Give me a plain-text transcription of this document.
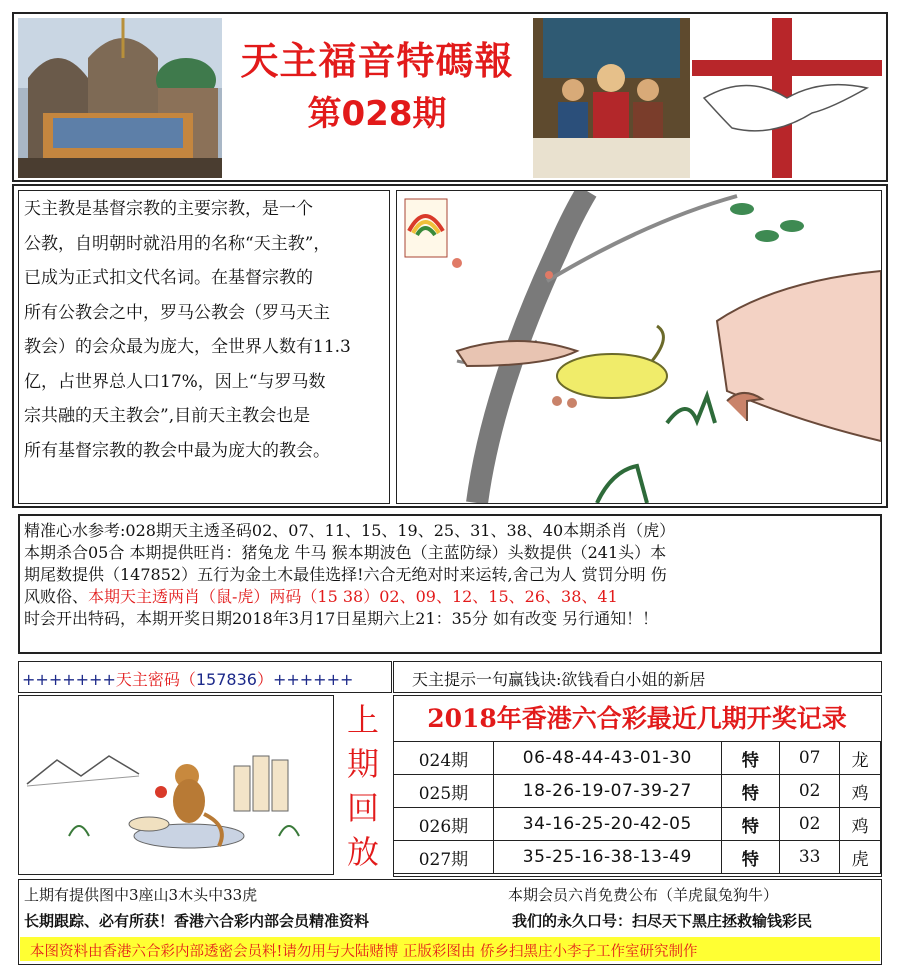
天主福音特碼報
第028期

天主教是基督宗教的主要宗教，是一个

公教，自明朝时就沿用的名称“天主教”，

已成为正式扣文代名词。在基督宗教的

所有公教会之中，罗马公教会（罗马天主

教会）的会众最为庞大，全世界人数有11.3

亿，占世界总人口17%，因上“与罗马数

宗共融的天主教会”,目前天主教会也是

所有基督宗教的教会中最为庞大的教会。

精准心水参考:028期天主透圣码02、07、11、15、19、25、31、38、40本期杀肖（虎）
本期杀合05合 本期提供旺肖：猪兔龙 牛马 猴本期波色（主蓝防绿）头数提供（241头）本
期尾数提供（147852）五行为金土木最佳选择!六合无绝对时来运转,舍己为人 赏罚分明 伤
风败俗、本期天主透两肖（鼠-虎）两码（15 38）02、09、12、15、26、38、41
时会开出特码，本期开奖日期2018年3月17日星期六上21：35分 如有改变 另行通知！！
+++++++天主密码（157836）++++++	天主提示一句赢钱诀:欲钱看白小姐的新居
上
期
回
放
2018年香港六合彩最近几期开奖记录
024期	06-48-44-43-01-30	特	07	龙
025期	18-26-19-07-39-27	特	02	鸡
026期	34-16-25-20-42-05	特	02	鸡
027期	35-25-16-38-13-49	特	33	虎
上期有提供图中3座山3木头中33虎	本期会员六肖免费公布（羊虎鼠兔狗牛）
长期跟踪、必有所获！香港六合彩内部会员精准资料	我们的永久口号：扫尽天下黑庄拯救输钱彩民
本图资料由香港六合彩内部透密会员料!请勿用与大陆赌博 正版彩图由 侨乡扫黑庄小李子工作室研究制作
